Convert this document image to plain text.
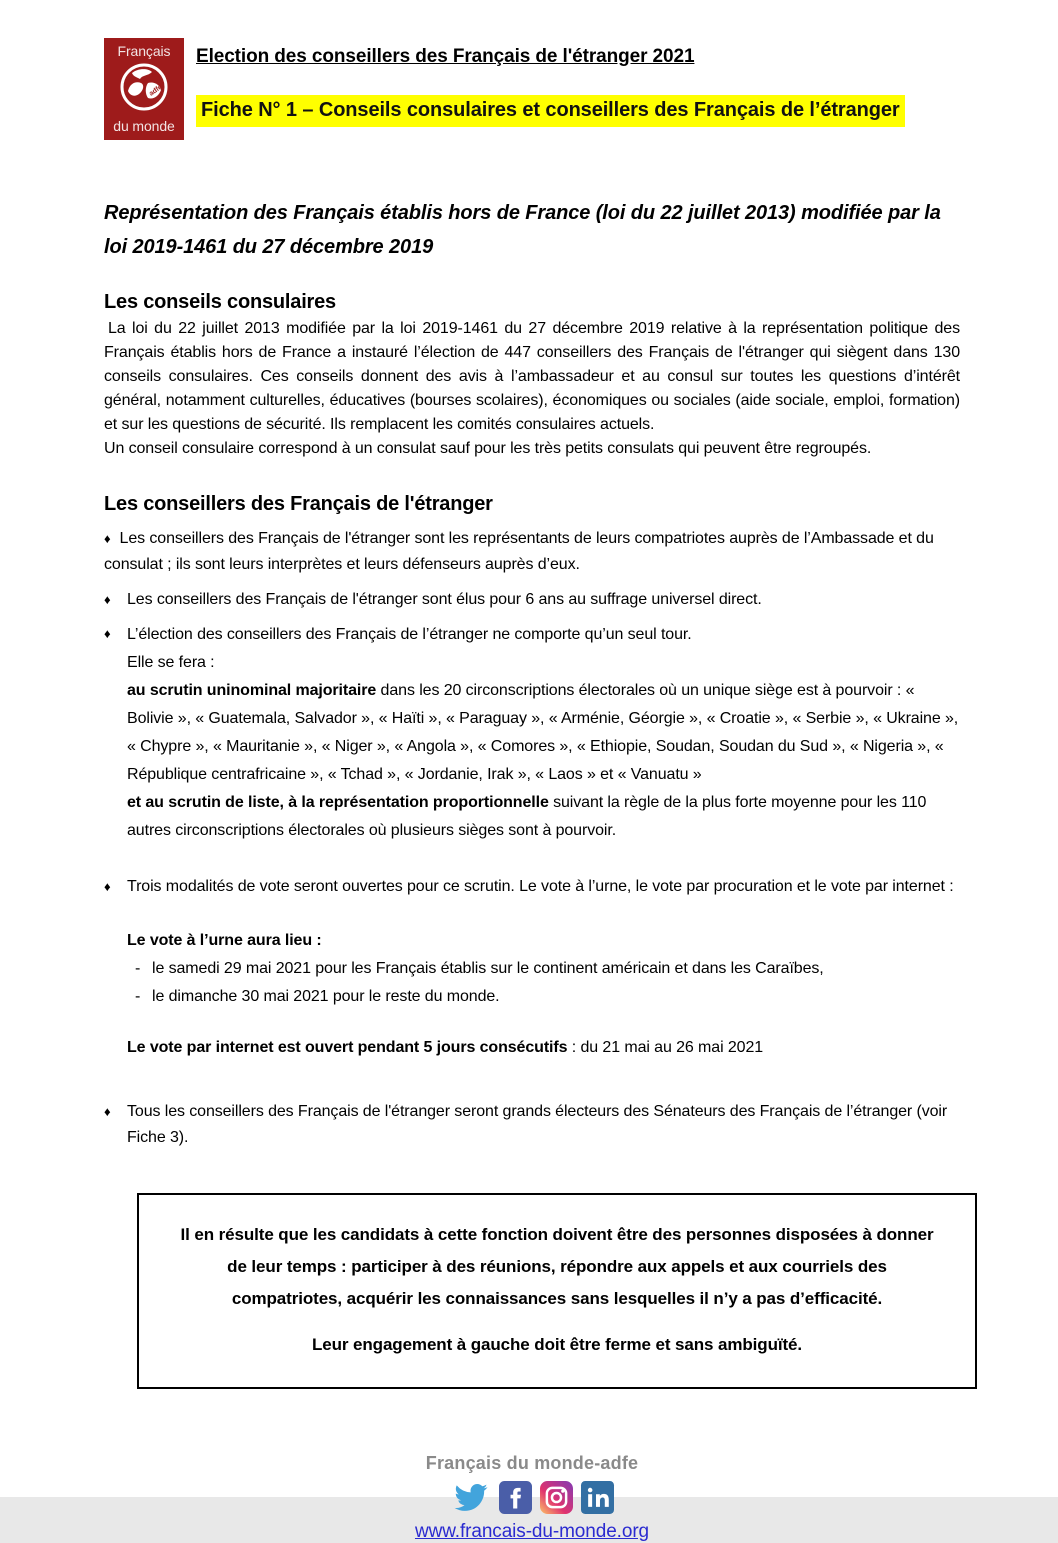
Français
adfe
du monde
Election des conseillers des Français de l'étranger 2021
Fiche N° 1 – Conseils consulaires et conseillers des Français de l’étranger
Représentation des Français établis hors de France (loi du 22 juillet 2013) modifiée par la loi 2019-1461 du 27 décembre 2019
Les conseils consulaires

La loi du 22 juillet 2013 modifiée par la loi 2019-1461 du 27 décembre 2019 relative à la représentation politique des Français établis hors de France a instauré l’élection de 447 conseillers des Français de l'étranger qui siègent dans 130 conseils consulaires. Ces conseils donnent des avis à l’ambassadeur et au consul sur toutes les questions d’intérêt général, notamment culturelles, éducatives (bourses scolaires), économiques ou sociales (aide sociale, emploi, formation) et sur les questions de sécurité. Ils remplacent les comités consulaires actuels.

Un conseil consulaire correspond à un consulat sauf pour les très petits consulats qui peuvent être regroupés.

Les conseillers des Français de l'étranger
♦ Les conseillers des Français de l'étranger sont les représentants de leurs compatriotes auprès de l’Ambassade et du consulat ; ils sont leurs interprètes et leurs défenseurs auprès d’eux.
♦	Les conseillers des Français de l'étranger sont élus pour 6 ans au suffrage universel direct.
♦	L’élection des conseillers des Français de l’étranger ne comporte qu’un seul tour.
Elle se fera :
au scrutin uninominal majoritaire dans les 20 circonscriptions électorales où un unique siège est à pourvoir : « Bolivie », « Guatemala, Salvador », « Haïti », « Paraguay », « Arménie, Géorgie », « Croatie », « Serbie », « Ukraine », « Chypre », « Mauritanie », « Niger », « Angola », « Comores », « Ethiopie, Soudan, Soudan du Sud », « Nigeria », « République centrafricaine », « Tchad », « Jordanie, Irak », « Laos » et « Vanuatu »
et au scrutin de liste, à la représentation proportionnelle suivant la règle de la plus forte moyenne pour les 110 autres circonscriptions électorales où plusieurs sièges sont à pourvoir.
♦	Trois modalités de vote seront ouvertes pour ce scrutin. Le vote à l’urne, le vote par procuration et le vote par internet :
Le vote à l’urne aura lieu :
- le samedi 29 mai 2021 pour les Français établis sur le continent américain et dans les Caraïbes,
- le dimanche 30 mai 2021 pour le reste du monde.
Le vote par internet est ouvert pendant 5 jours consécutifs : du 21 mai au 26 mai 2021
♦	Tous les conseillers des Français de l'étranger seront grands électeurs des Sénateurs des Français de l’étranger (voir Fiche 3).

Il en résulte que les candidats à cette fonction doivent être des personnes disposées à donner de leur temps : participer à des réunions, répondre aux appels et aux courriels des compatriotes, acquérir les connaissances sans lesquelles il n’y a pas d’efficacité.

Leur engagement à gauche doit être ferme et sans ambiguïté.

Français du monde-adfe
www.francais-du-monde.org
